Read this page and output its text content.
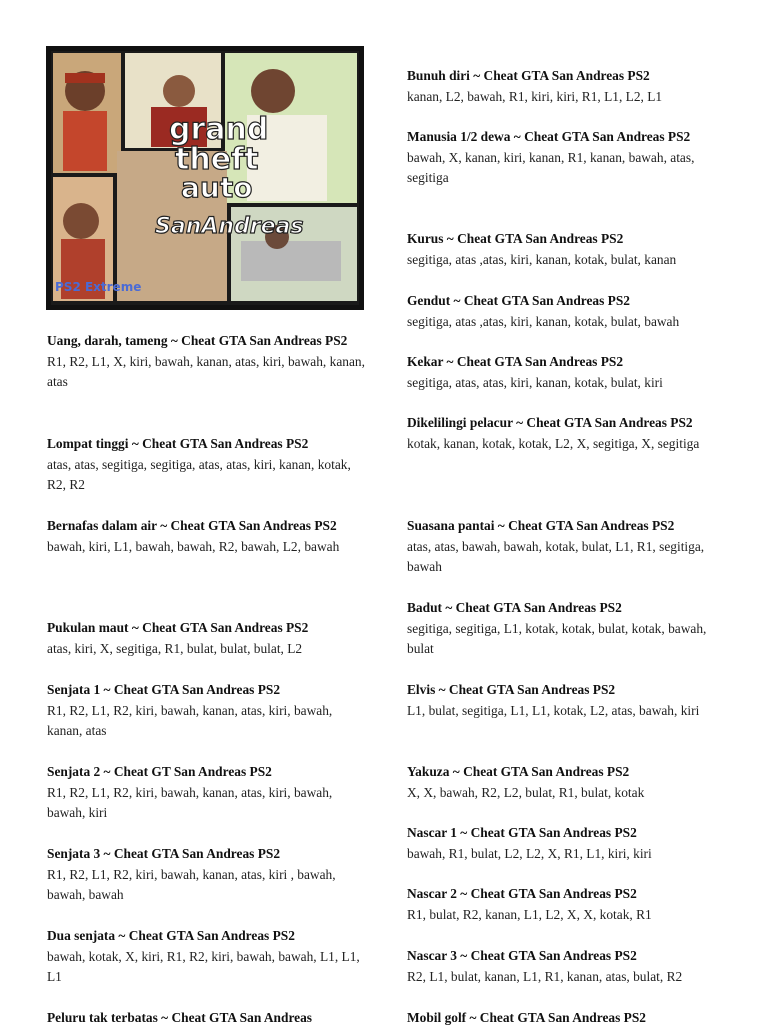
grand
theft
auto
SanAndreas
PS2 Extreme
Uang, darah, tameng ~ Cheat GTA San Andreas PS2
R1, R2, L1, X, kiri, bawah, kanan, atas, kiri, bawah, kanan, atas
Lompat tinggi ~ Cheat GTA San Andreas PS2
atas, atas, segitiga, segitiga, atas, atas, kiri, kanan, kotak, R2, R2
Bernafas dalam air ~ Cheat GTA San Andreas PS2
bawah, kiri, L1, bawah, bawah, R2, bawah, L2, bawah
Pukulan maut ~ Cheat GTA San Andreas PS2
atas, kiri, X, segitiga, R1, bulat, bulat, bulat, L2
Senjata 1 ~ Cheat GTA San Andreas PS2
R1, R2, L1, R2, kiri, bawah, kanan, atas, kiri, bawah, kanan, atas
Senjata 2 ~ Cheat GT San Andreas PS2
R1, R2, L1, R2, kiri, bawah, kanan, atas, kiri, bawah, bawah, kiri
Senjata 3 ~ Cheat GTA San Andreas PS2
R1, R2, L1, R2, kiri, bawah, kanan, atas, kiri , bawah, bawah, bawah
Dua senjata ~ Cheat GTA San Andreas PS2
bawah, kotak, X, kiri, R1, R2, kiri, bawah, bawah, L1, L1, L1
Peluru tak terbatas ~ Cheat GTA San Andreas
Bunuh diri ~ Cheat GTA San Andreas PS2
kanan, L2, bawah, R1, kiri, kiri, R1, L1, L2, L1
Manusia 1/2 dewa ~ Cheat GTA San Andreas PS2
bawah, X, kanan, kiri, kanan, R1, kanan, bawah, atas, segitiga
Kurus ~ Cheat GTA San Andreas PS2
segitiga, atas ,atas, kiri, kanan, kotak, bulat, kanan
Gendut ~ Cheat GTA San Andreas PS2
segitiga, atas ,atas, kiri, kanan, kotak, bulat, bawah
Kekar ~ Cheat GTA San Andreas PS2
segitiga, atas, atas, kiri, kanan, kotak, bulat, kiri
Dikelilingi pelacur ~ Cheat GTA San Andreas PS2
kotak, kanan, kotak, kotak, L2, X, segitiga, X, segitiga
Suasana pantai ~ Cheat GTA San Andreas PS2
atas, atas, bawah, bawah, kotak, bulat, L1, R1, segitiga, bawah
Badut ~ Cheat GTA San Andreas PS2
segitiga, segitiga, L1, kotak, kotak, bulat, kotak, bawah, bulat
Elvis ~ Cheat GTA San Andreas PS2
L1, bulat, segitiga, L1, L1, kotak, L2, atas, bawah, kiri
Yakuza ~ Cheat GTA San Andreas PS2
X, X, bawah, R2, L2, bulat, R1, bulat, kotak
Nascar 1 ~ Cheat GTA San Andreas PS2
bawah, R1, bulat, L2, L2, X, R1, L1, kiri, kiri
Nascar 2 ~ Cheat GTA San Andreas PS2
R1, bulat, R2, kanan, L1, L2, X, X, kotak, R1
Nascar 3 ~ Cheat GTA San Andreas PS2
R2, L1, bulat, kanan, L1, R1, kanan, atas, bulat, R2
Mobil golf ~ Cheat GTA San Andreas PS2
